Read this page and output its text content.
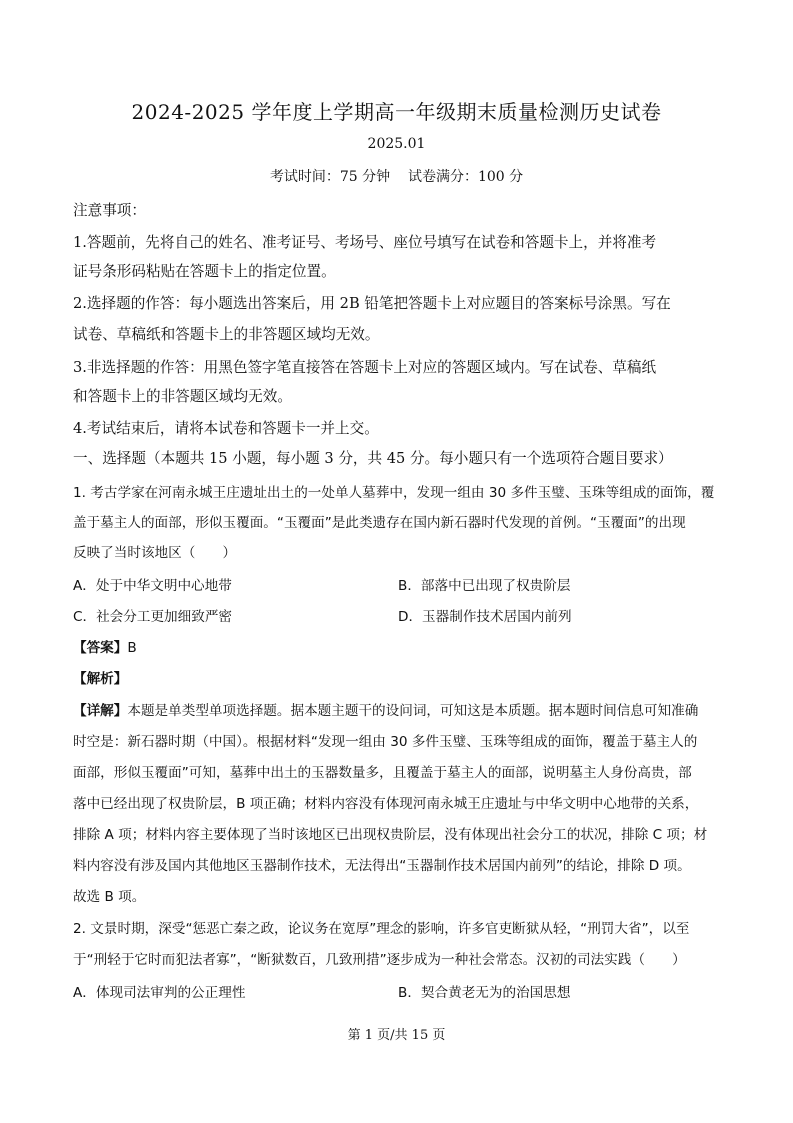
2024-2025 学年度上学期高一年级期末质量检测历史试卷
2025.01
考试时间：75 分钟    试卷满分：100 分
注意事项：
1.答题前，先将自己的姓名、准考证号、考场号、座位号填写在试卷和答题卡上，并将准考
证号条形码粘贴在答题卡上的指定位置。
2.选择题的作答：每小题选出答案后，用 2B 铅笔把答题卡上对应题目的答案标号涂黑。写在
试卷、草稿纸和答题卡上的非答题区域均无效。
3.非选择题的作答：用黑色签字笔直接答在答题卡上对应的答题区域内。写在试卷、草稿纸
和答题卡上的非答题区域均无效。
4.考试结束后，请将本试卷和答题卡一并上交。
一、选择题（本题共 15 小题，每小题 3 分，共 45 分。每小题只有一个选项符合题目要求）
1. 考古学家在河南永城王庄遗址出土的一处单人墓葬中，发现一组由 30 多件玉璧、玉珠等组成的面饰，覆
盖于墓主人的面部，形似玉覆面。“玉覆面”是此类遗存在国内新石器时代发现的首例。“玉覆面”的出现
反映了当时该地区（　　）
A．处于中华文明中心地带	B．部落中已出现了权贵阶层
C．社会分工更加细致严密	D．玉器制作技术居国内前列
【答案】B
【解析】
【详解】本题是单类型单项选择题。据本题主题干的设问词，可知这是本质题。据本题时间信息可知准确
时空是：新石器时期（中国）。根据材料“发现一组由 30 多件玉璧、玉珠等组成的面饰，覆盖于墓主人的
面部，形似玉覆面”可知，墓葬中出土的玉器数量多，且覆盖于墓主人的面部，说明墓主人身份高贵，部
落中已经出现了权贵阶层，B 项正确；材料内容没有体现河南永城王庄遗址与中华文明中心地带的关系，
排除 A 项；材料内容主要体现了当时该地区已出现权贵阶层，没有体现出社会分工的状况，排除 C 项；材
料内容没有涉及国内其他地区玉器制作技术，无法得出“玉器制作技术居国内前列”的结论，排除 D 项。
故选 B 项。
2. 文景时期，深受“惩恶亡秦之政，论议务在宽厚”理念的影响，许多官吏断狱从轻，“刑罚大省”，以至
于“刑轻于它时而犯法者寡”，“断狱数百，几致刑措”逐步成为一种社会常态。汉初的司法实践（　　）
A．体现司法审判的公正理性	B．契合黄老无为的治国思想
第 1 页/共 15 页
